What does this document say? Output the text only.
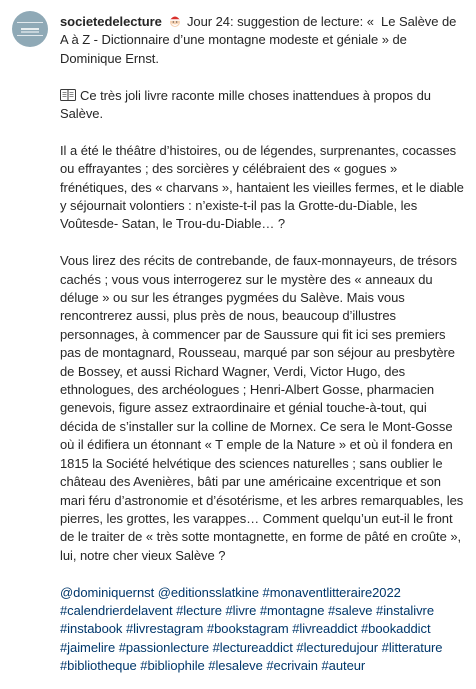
societedelecture Jour 24: suggestion de lecture: «  Le Salève de A à Z - Dictionnaire d’une montagne modeste et géniale » de Dominique Ernst.
Ce très joli livre raconte mille choses inattendues à propos du Salève.
Il a été le théâtre d’histoires, ou de légendes, surprenantes, cocasses ou effrayantes ; des sorcières y célébraient des « gogues » frénétiques, des « charvans », hantaient les vieilles fermes, et le diable y séjournait volontiers : n’existe-t-il pas la Grotte-du-Diable, les Voûtesde- Satan, le Trou-du-Diable… ?
Vous lirez des récits de contrebande, de faux-monnayeurs, de trésors cachés ; vous vous interrogerez sur le mystère des « anneaux du déluge » ou sur les étranges pygmées du Salève. Mais vous rencontrerez aussi, plus près de nous, beaucoup d’illustres personnages, à commencer par de Saussure qui fit ici ses premiers pas de montagnard, Rousseau, marqué par son séjour au presbytère de Bossey, et aussi Richard Wagner, Verdi, Victor Hugo, des ethnologues, des archéologues ; Henri-Albert Gosse, pharmacien genevois, figure assez extraordinaire et génial touche-à-tout, qui décida de s’installer sur la colline de Mornex. Ce sera le Mont-Gosse où il édifiera un étonnant « T emple de la Nature » et où il fondera en 1815 la Société helvétique des sciences naturelles ; sans oublier le château des Avenières, bâti par une américaine excentrique et son mari féru d’astronomie et d’ésotérisme, et les arbres remarquables, les pierres, les grottes, les varappes… Comment quelqu’un eut-il le front de le traiter de « très sotte montagnette, en forme de pâté en croûte », lui, notre cher vieux Salève ?
@dominiquernst @editionsslatkine #monaventlitteraire2022 #calendrierdelavent #lecture #livre #montagne #saleve #instalivre #instabook #livrestagram #bookstagram #livreaddict #bookaddict #jaimelire #passionlecture #lectureaddict #lecturedujour #litterature #bibliotheque #bibliophile #lesaleve #ecrivain #auteur
